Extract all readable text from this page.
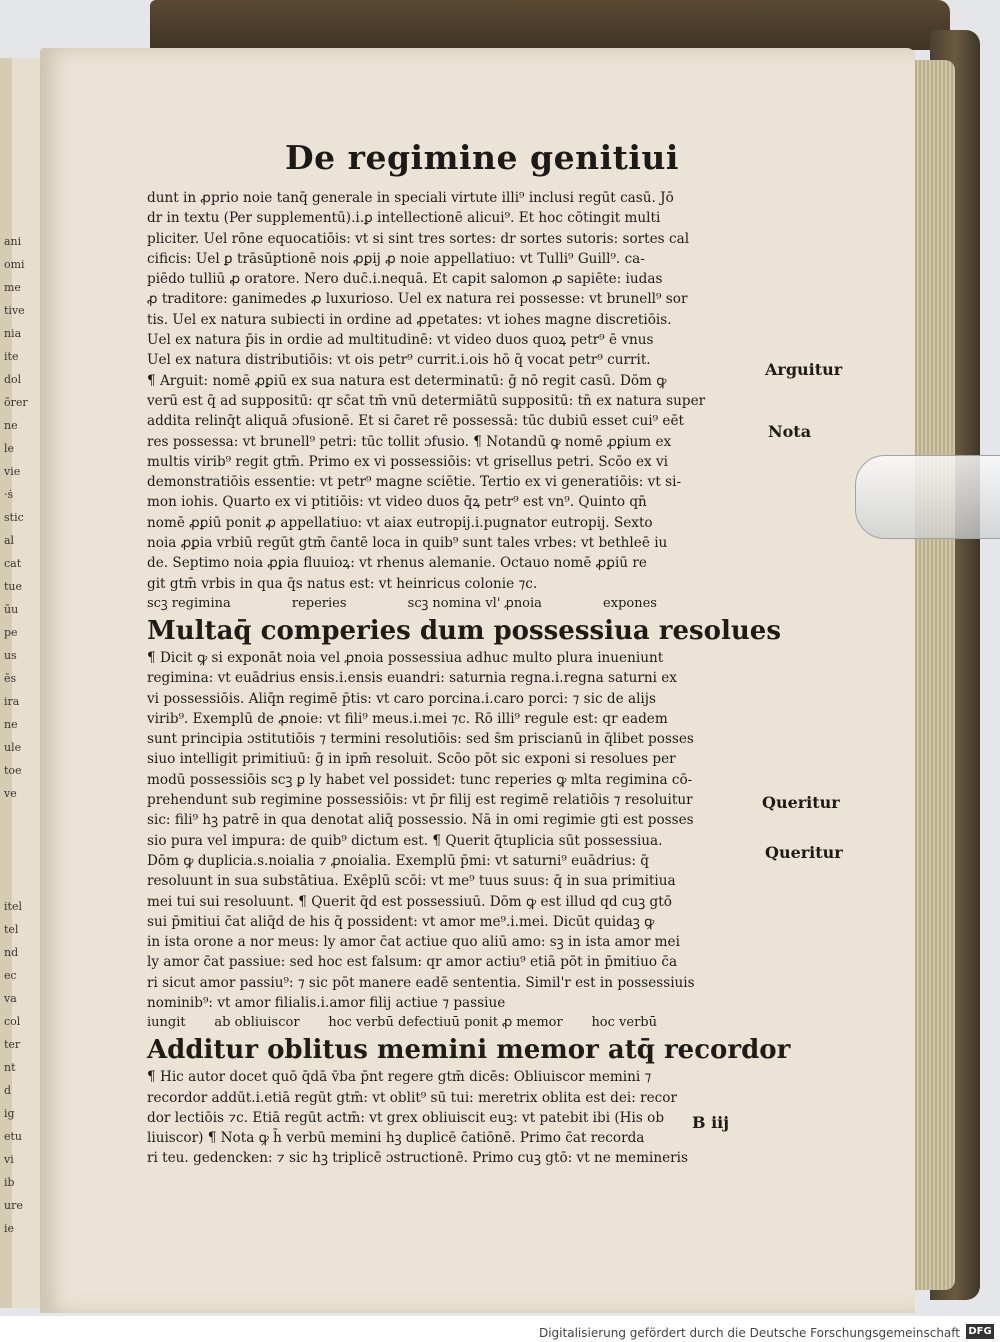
ani
omi
me
tive
nia
ite
dol
ōrer
ne
le
vie
·ṡ
stic
al
cat
tue
ūu
pe
us
ēs
ira
ne
ule
toe
ve
itel
tel
nd
ec
va
col
ter
nt
d
ig
etu
vi
ib
ure
ie
De regimine genitiui
dunt in ꝓprio noie tanq̄ generale in speciali virtute illi⁹ inclusi regūt casū. Jō
dr in textu (Per supplementū).i.ꝑ intellectionē alicui⁹. Et hoc cōtingit multi
pliciter. Uel rōne equocatiōis: vt si sint tres sortes: dr sortes sutoris: sortes cal
cificis: Uel ꝑ trāsūptionē nois ꝓꝑij ꝓ noie appellatiuo: vt Tulli⁹ Guill⁹. ca-
piēdo tulliū ꝓ oratore. Nero duc̄.i.nequā. Et capit salomon ꝓ sapiēte: iudas
ꝓ traditore: ganimedes ꝓ luxurioso. Uel ex natura rei possesse: vt brunell⁹ sor
tis. Uel ex natura subiecti in ordine ad ꝓpetates: vt iohes magne discretiōis.
Uel ex natura p̄is in ordie ad multitudinē: vt video duos quoꝝ petr⁹ ē vnus
Uel ex natura distributiōis: vt ois petr⁹ currit.i.ois hō q̄ vocat petr⁹ currit.
¶ Arguit: nomē ꝓꝑiū ex sua natura est determinatū: ḡ nō regit casū. Dōm ꝙ
verū est q̄ ad suppositū: qr sc̄at tm̄ vnū determiātū suppositū: tn̄ ex natura super
addita relinq̄t aliquā ɔfusionē. Et si c̄aret rē possessā: tūc dubiū esset cui⁹ eēt
res possessa: vt brunell⁹ petri: tūc tollit ɔfusio. ¶ Notandū ꝙ nomē ꝓꝑium ex
multis virib⁹ regit gtm̄. Primo ex vi possessiōis: vt grisellus petri. Scōo ex vi
demonstratiōis essentie: vt petr⁹ magne sciētie. Tertio ex vi generatiōis: vt si-
mon iohis. Quarto ex vi ptitiōis: vt video duos q̄ꝝ petr⁹ est vn⁹. Quinto qn̄
nomē ꝓꝑiū ponit ꝓ appellatiuo: vt aiax eutropij.i.pugnator eutropij. Sexto
noia ꝓꝑia vrbiū regūt gtm̄ c̄antē loca in quib⁹ sunt tales vrbes: vt bethleē iu
de. Septimo noia ꝓꝑia fluuioꝝ: vt rhenus alemanie. Octauo nomē ꝓꝑiū re
git gtm̄ vrbis in qua q̄s natus est: vt heinricus colonie ⁊c.
scꝫ regimina	reperies	scꝫ nomina vl' ꝓnoia	expones
Multaq̄ comperies dum possessiua resolues
¶ Dicit ꝙ si exponāt noia vel ꝓnoia possessiua adhuc multo plura inueniunt
regimina: vt euādrius ensis.i.ensis euandri: saturnia regna.i.regna saturni ex
vi possessiōis. Aliq̄n regimē p̄tis: vt caro porcina.i.caro porci: ⁊ sic de alijs
virib⁹. Exemplū de ꝓnoie: vt fili⁹ meus.i.mei ⁊c. Rō illi⁹ regule est: qr eadem
sunt principia ɔstitutiōis ⁊ termini resolutiōis: sed s̄m priscianū in q̄libet posses
siuo intelligit primitiuū: ḡ in ipm̄ resoluit. Scōo pōt sic exponi si resolues per
modū possessiōis scꝫ ꝑ ly habet vel possidet: tunc reperies ꝙ mlta regimina cō-
prehendunt sub regimine possessiōis: vt p̄r filij est regimē relatiōis ⁊ resoluitur
sic: fili⁹ hꝫ patrē in qua denotat aliq̄ possessio. Nā in omi regimie gti est posses
sio pura vel impura: de quib⁹ dictum est. ¶ Querit q̄tuplicia sūt possessiua.
Dōm ꝙ duplicia.s.noialia ⁊ ꝓnoialia. Exemplū p̄mi: vt saturni⁹ euādrius: q̄
resoluunt in sua substātiua. Exēplū scōi: vt me⁹ tuus suus: q̄ in sua primitiua
mei tui sui resoluunt. ¶ Querit q̄d est possessiuū. Dōm ꝙ est illud qd cuꝫ gtō
sui p̄mitiui c̄at aliq̄d de his q̄ possident: vt amor me⁹.i.mei. Dicūt quidaꝫ ꝙ
in ista orone a nor meus: ly amor c̄at actiue quo aliū amo: sꝫ in ista amor mei
ly amor c̄at passiue: sed hoc est falsum: qr amor actiu⁹ etiā pōt in p̄mitiuo c̄a
ri sicut amor passiu⁹: ⁊ sic pōt manere eadē sententia. Simil'r est in possessiuis
nominib⁹: vt amor filialis.i.amor filij actiue ⁊ passiue
iungit ab obliuiscor hoc verbū defectiuū ponit ꝓ memor hoc verbū
Additur oblitus memini memor atq̄ recordor
¶ Hic autor docet quō q̄dā v̄ba p̄nt regere gtm̄ dicēs: Obliuiscor memini ⁊
recordor addūt.i.etiā regūt gtm̄: vt oblit⁹ sū tui: meretrix oblita est dei: recor
dor lectiōis ⁊c. Etiā regūt actm̄: vt grex obliuiscit euꝫ: vt patebit ibi (His ob
liuiscor) ¶ Nota ꝙ h̄ verbū memini hꝫ duplicē c̄atiōnē. Primo c̄at recorda
ri teu. gedencken: ⁊ sic hꝫ triplicē ɔstructionē. Primo cuꝫ gtō: vt ne memineris
Arguitur
Nota
Queritur
Queritur
B iij
Digitalisierung gefördert durch die Deutsche Forschungsgemeinschaft DFG
